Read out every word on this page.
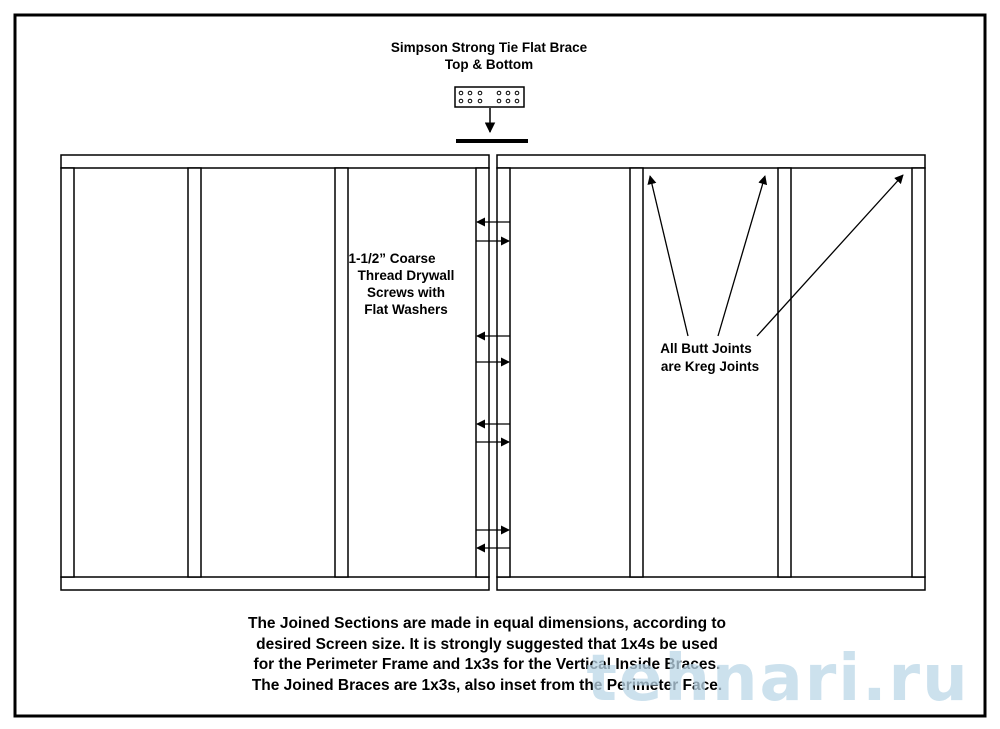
Simpson Strong Tie Flat Brace
Top & Bottom
1-1/2” Coarse
Thread Drywall
Screws with
Flat Washers
All Butt Joints
are Kreg Joints
The Joined Sections are made in equal dimensions, according to
desired Screen size. It is strongly suggested that 1x4s be used
for the Perimeter Frame and 1x3s for the Vertical Inside Braces.
The Joined Braces are 1x3s, also inset from the Perimeter Face.
tehnari.ru
